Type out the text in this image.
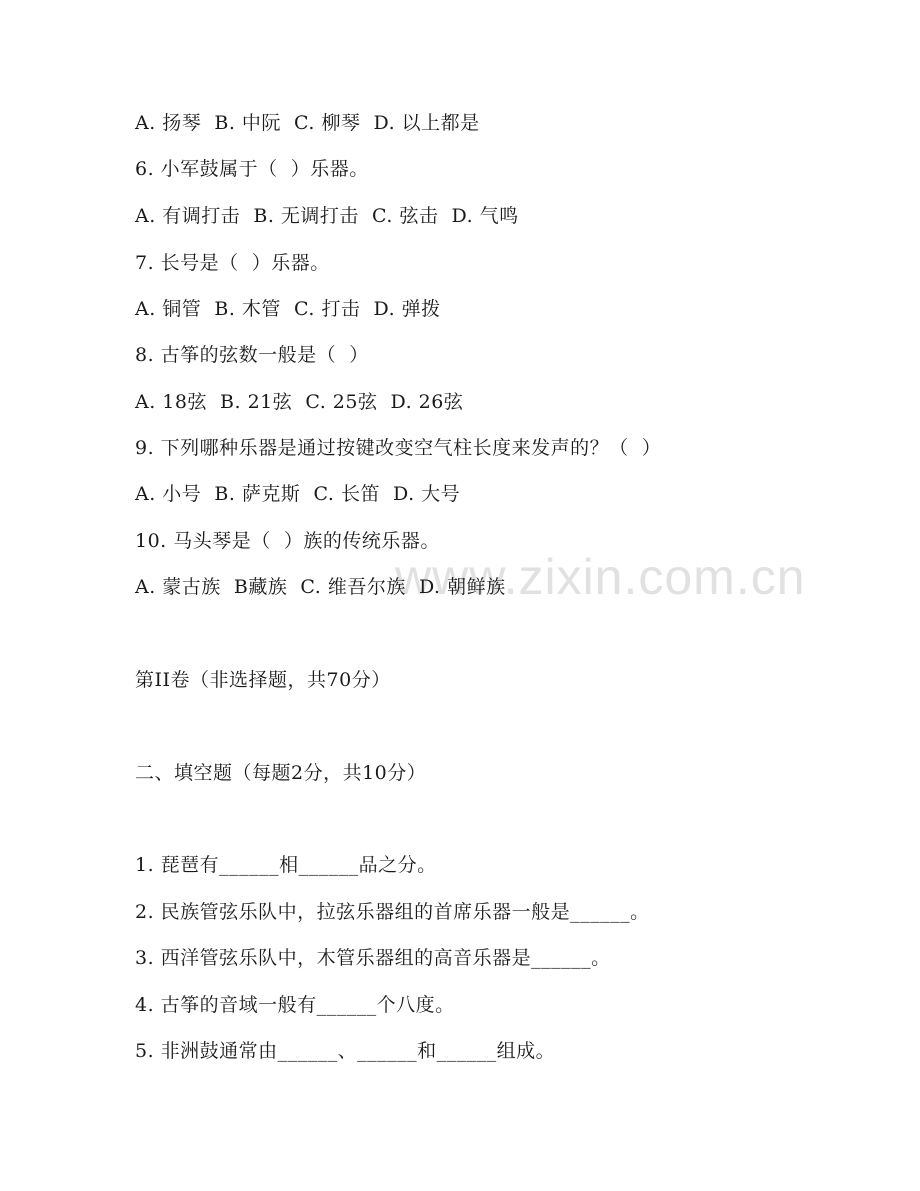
www.zixin.com.cn
A. 扬琴  B. 中阮  C. 柳琴  D. 以上都是
6. 小军鼓属于（  ）乐器。
A. 有调打击  B. 无调打击  C. 弦击  D. 气鸣
7. 长号是（  ）乐器。
A. 铜管  B. 木管  C. 打击  D. 弹拨
8. 古筝的弦数一般是（  ）
A. 18弦  B. 21弦  C. 25弦  D. 26弦
9. 下列哪种乐器是通过按键改变空气柱长度来发声的？（  ）
A. 小号  B. 萨克斯  C. 长笛  D. 大号
10. 马头琴是（  ）族的传统乐器。
A. 蒙古族  B藏族  C. 维吾尔族  D. 朝鲜族
第II卷（非选择题，共70分）
二、填空题（每题2分，共10分）
1. 琵琶有______相______品之分。
2. 民族管弦乐队中，拉弦乐器组的首席乐器一般是______。
3. 西洋管弦乐队中，木管乐器组的高音乐器是______。
4. 古筝的音域一般有______个八度。
5. 非洲鼓通常由______、______和______组成。
